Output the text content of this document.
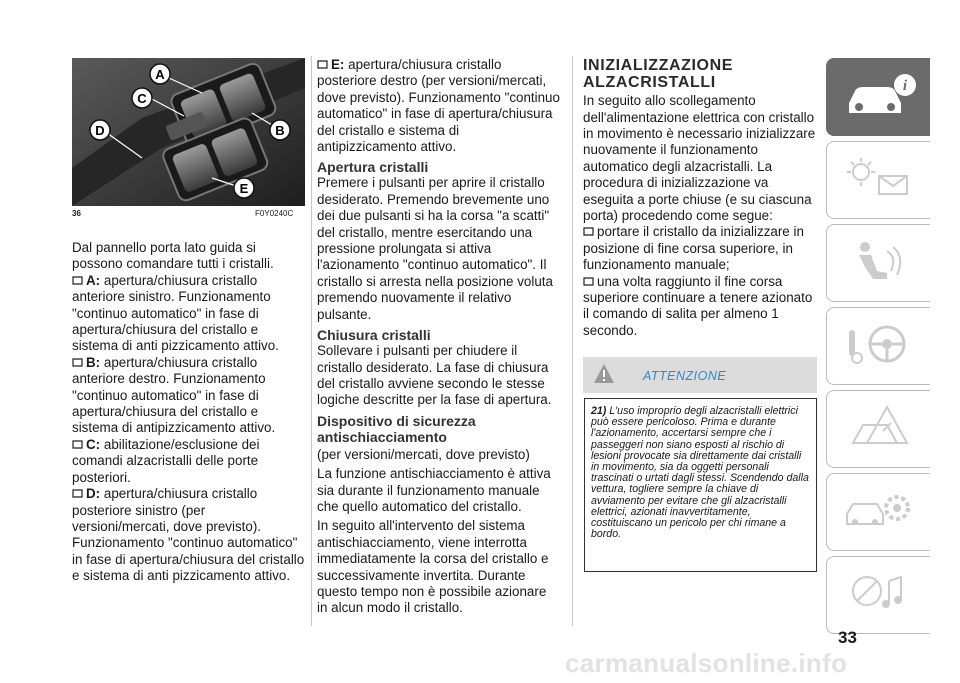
A
C
D	B
E
36	F0Y0240C

Dal pannello porta lato guida si possono comandare tutti i cristalli.

A: apertura/chiusura cristallo anteriore sinistro. Funzionamento "continuo automatico" in fase di apertura/chiusura del cristallo e sistema di anti pizzicamento attivo.
B: apertura/chiusura cristallo anteriore destro. Funzionamento "continuo automatico" in fase di apertura/chiusura del cristallo e sistema di antipizzicamento attivo.
C: abilitazione/esclusione dei comandi alzacristalli delle porte posteriori.
D: apertura/chiusura cristallo posteriore sinistro (per versioni/mercati, dove previsto). Funzionamento "continuo automatico" in fase di apertura/chiusura del cristallo e sistema di anti pizzicamento attivo.
E: apertura/chiusura cristallo posteriore destro (per versioni/mercati, dove previsto). Funzionamento "continuo automatico" in fase di apertura/chiusura del cristallo e sistema di antipizzicamento attivo.
Apertura cristalli

Premere i pulsanti per aprire il cristallo desiderato. Premendo brevemente uno dei due pulsanti si ha la corsa "a scatti" del cristallo, mentre esercitando una pressione prolungata si attiva l'azionamento "continuo automatico". Il cristallo si arresta nella posizione voluta premendo nuovamente il relativo pulsante.

Chiusura cristalli

Sollevare i pulsanti per chiudere il cristallo desiderato. La fase di chiusura del cristallo avviene secondo le stesse logiche descritte per la fase di apertura.

Dispositivo di sicurezza antischiacciamento

(per versioni/mercati, dove previsto)

La funzione antischiacciamento è attiva sia durante il funzionamento manuale che quello automatico del cristallo.

In seguito all'intervento del sistema antischiacciamento, viene interrotta immediatamente la corsa del cristallo e successivamente invertita. Durante questo tempo non è possibile azionare in alcun modo il cristallo.

INIZIALIZZAZIONE
ALZACRISTALLI

In seguito allo scollegamento dell'alimentazione elettrica con cristallo in movimento è necessario inizializzare nuovamente il funzionamento automatico degli alzacristalli. La procedura di inizializzazione va eseguita a porte chiuse (e su ciascuna porta) procedendo come segue:

portare il cristallo da inizializzare in posizione di fine corsa superiore, in funzionamento manuale;
una volta raggiunto il fine corsa superiore continuare a tenere azionato il comando di salita per almeno 1 secondo.
ATTENZIONE

21) L'uso improprio degli alzacristalli elettrici può essere pericoloso. Prima e durante l'azionamento, accertarsi sempre che i passeggeri non siano esposti al rischio di lesioni provocate sia direttamente dai cristalli in movimento, sia da oggetti personali trascinati o urtati dagli stessi. Scendendo dalla vettura, togliere sempre la chiave di avviamento per evitare che gli alzacristalli elettrici, azionati inavvertitamente, costituiscano un pericolo per chi rimane a bordo.

i
33
carmanualsonline.info
